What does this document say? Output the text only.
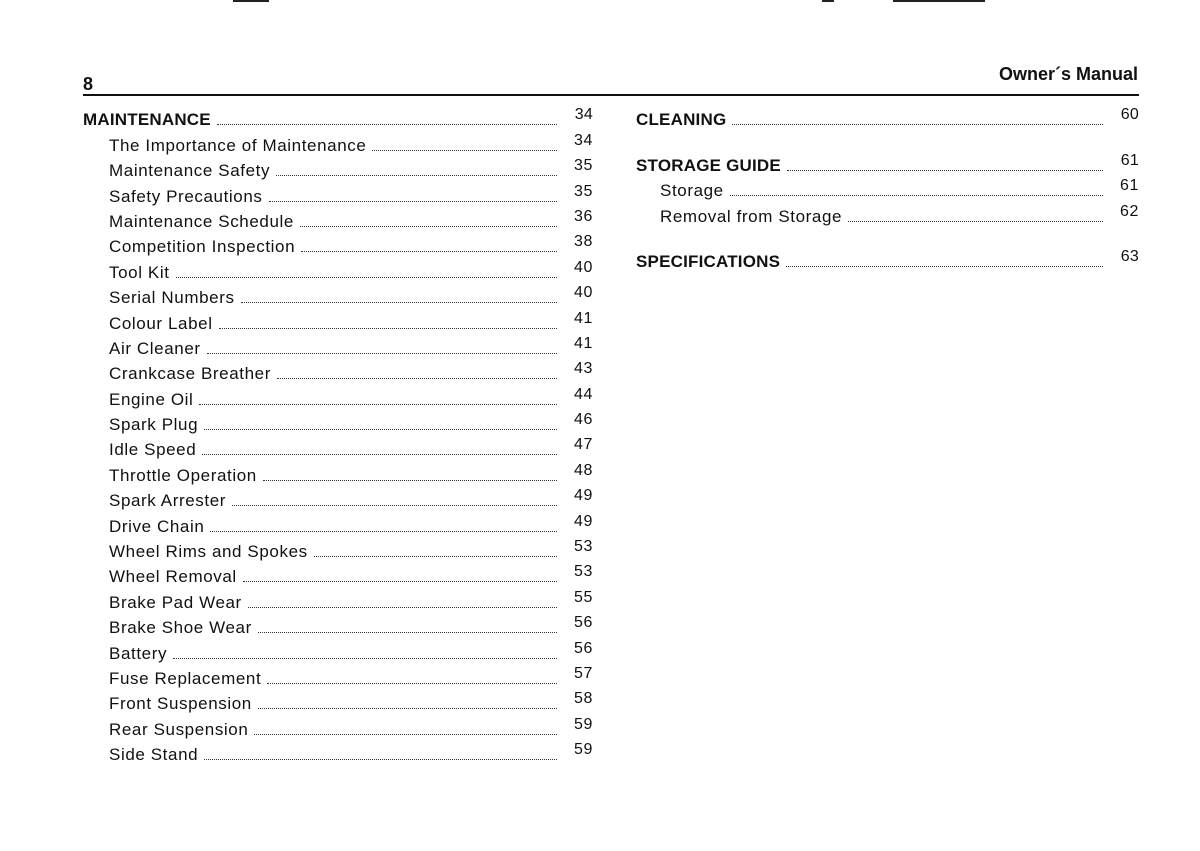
8	Owner´s Manual
MAINTENANCE	34
The Importance of Maintenance	34
Maintenance Safety	35
Safety Precautions	35
Maintenance Schedule	36
Competition Inspection	38
Tool Kit	40
Serial Numbers	40
Colour Label	41
Air Cleaner	41
Crankcase Breather	43
Engine Oil	44
Spark Plug	46
Idle Speed	47
Throttle Operation	48
Spark Arrester	49
Drive Chain	49
Wheel Rims and Spokes	53
Wheel Removal	53
Brake Pad Wear	55
Brake Shoe Wear	56
Battery	56
Fuse Replacement	57
Front Suspension	58
Rear Suspension	59
Side Stand	59
CLEANING	60
STORAGE GUIDE	61
Storage	61
Removal from Storage	62
SPECIFICATIONS	63
